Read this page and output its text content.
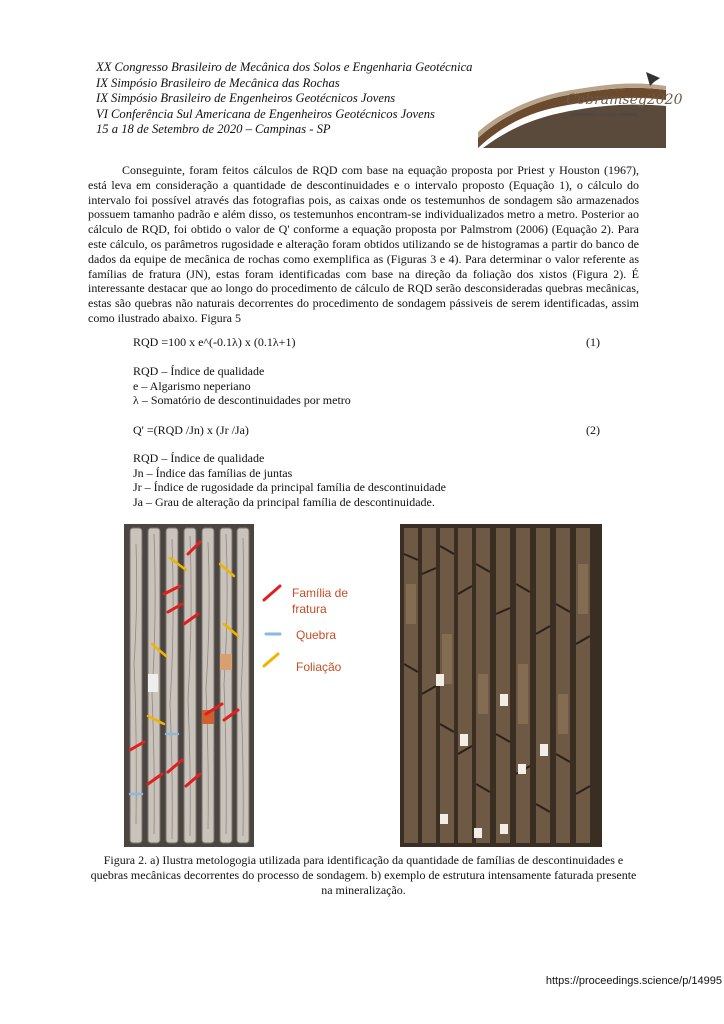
XX Congresso Brasileiro de Mecânica dos Solos e Engenharia Geotécnica
IX Simpósio Brasileiro de Mecânica das Rochas
IX Simpósio Brasileiro de Engenheiros Geotécnicos Jovens
VI Conferência Sul Americana de Engenheiros Geotécnicos Jovens
15 a 18 de Setembro de 2020 – Campinas - SP
Cobramseg2020
COBRAMSEG 2020 | CAMPINAS

Conseguinte, foram feitos cálculos de RQD com base na equação proposta por Priest y Houston (1967), está leva em consideração a quantidade de descontinuidades e o intervalo proposto (Equação 1), o cálculo do intervalo foi possível através das fotografias pois, as caixas onde os testemunhos de sondagem são armazenados possuem tamanho padrão e além disso, os testemunhos encontram-se individualizados metro a metro. Posterior ao cálculo de RQD, foi obtido o valor de Q' conforme a equação proposta por Palmstrom (2006) (Equação 2). Para este cálculo, os parâmetros rugosidade e alteração foram obtidos utilizando se de histogramas a partir do banco de dados da equipe de mecânica de rochas como exemplifica as (Figuras 3 e 4). Para determinar o valor referente as famílias de fratura (JN), estas foram identificadas com base na direção da foliação dos xistos (Figura 2). É interessante destacar que ao longo do procedimento de cálculo de RQD serão desconsideradas quebras mecânicas, estas são quebras não naturais decorrentes do procedimento de sondagem pássiveis de serem identificadas, assim como ilustrado abaixo. Figura 5

RQD =100 x e^(-0.1λ) x (0.1λ+1)	(1)
RQD – Índice de qualidade
e – Algarismo neperiano
λ – Somatório de descontinuidades por metro
Q' =(RQD /Jn) x (Jr /Ja)	(2)
RQD – Índice de qualidade
Jn – Índice das famílias de juntas
Jr – Índice de rugosidade da principal família de descontinuidade
Ja – Grau de alteração da principal família de descontinuidade.
Família de fratura
Quebra
Foliação
Figura 2. a) Ilustra metologogia utilizada para identificação da quantidade de famílias de descontinuidades e quebras mecânicas decorrentes do processo de sondagem. b) exemplo de estrutura intensamente faturada presente na mineralização.
https://proceedings.science/p/14995
